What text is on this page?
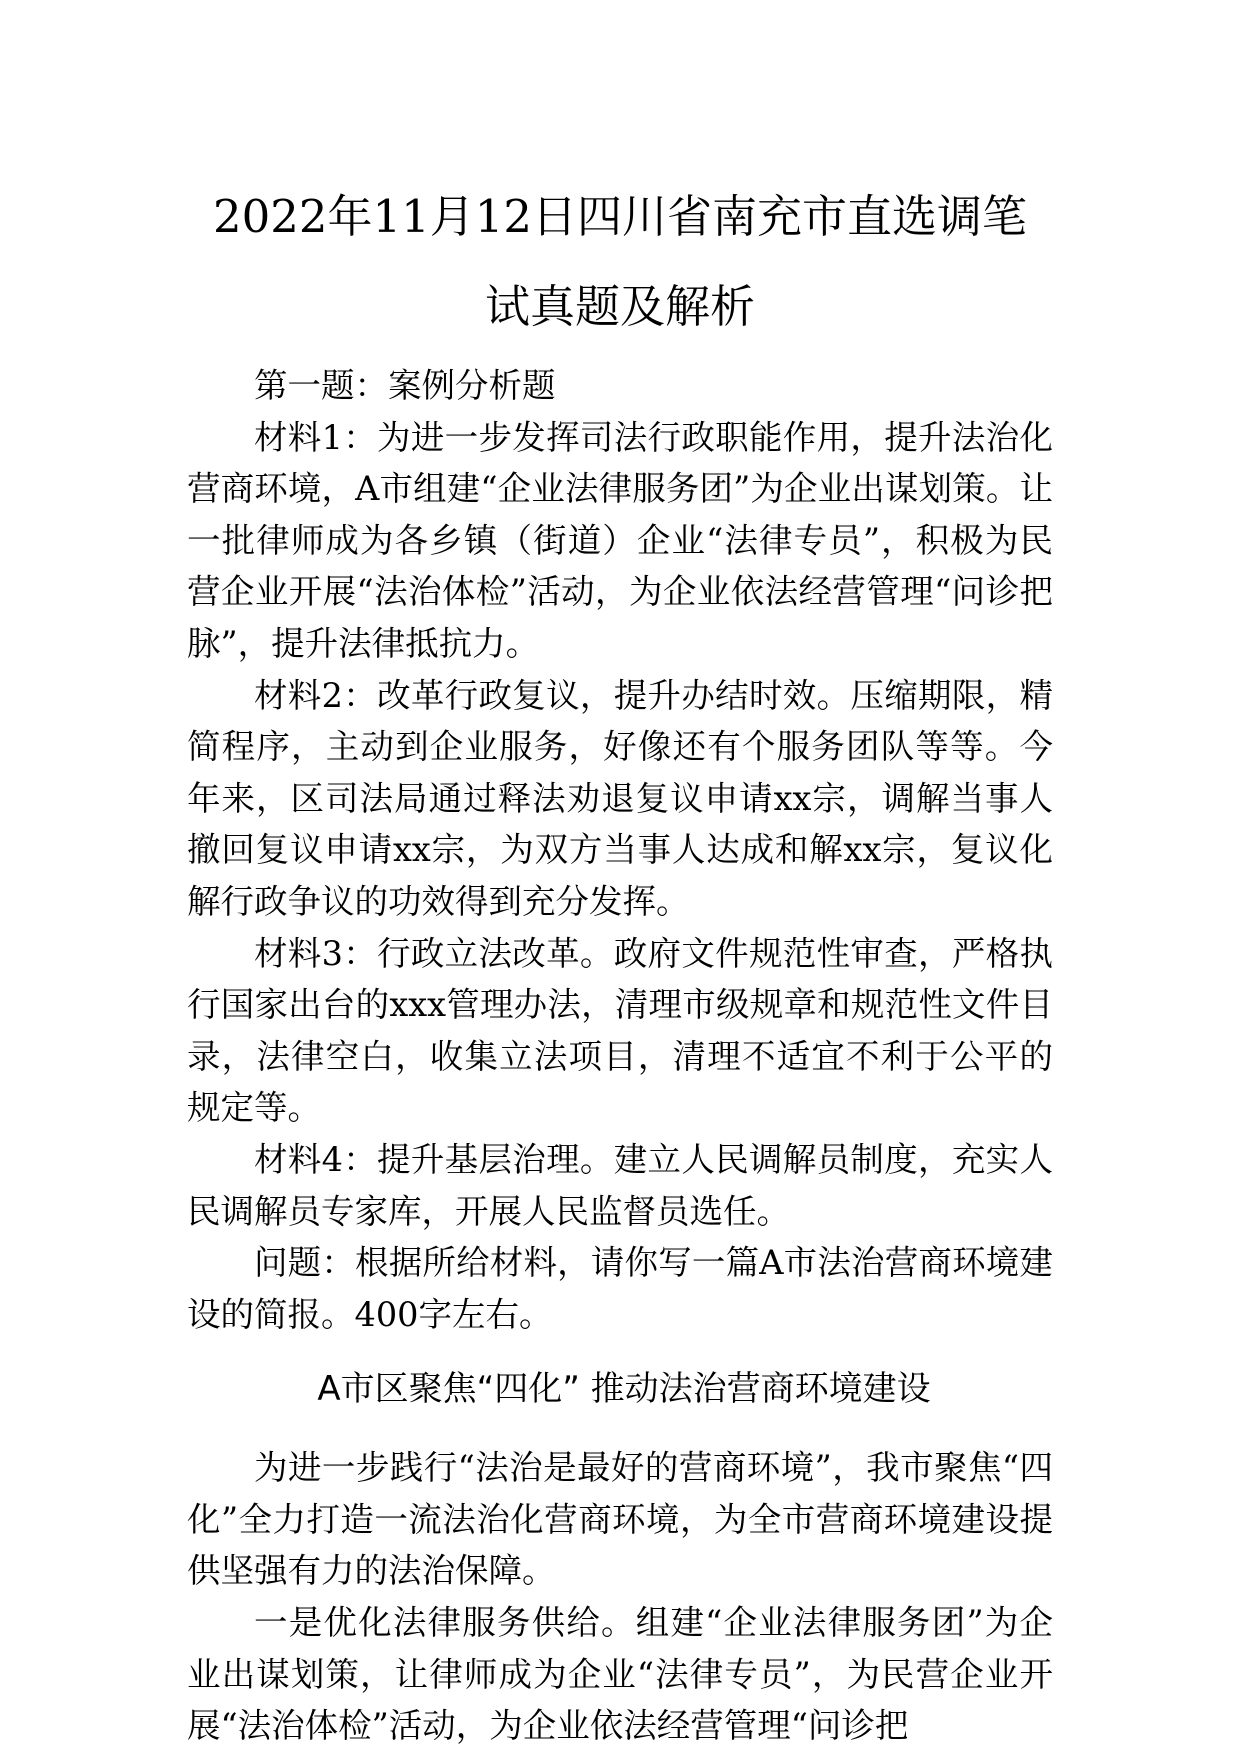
2022年11月12日四川省南充市直选调笔
试真题及解析

第一题：案例分析题

材料1：为进一步发挥司法行政职能作用，提升法治化营商环境，A市组建“企业法律服务团”为企业出谋划策。让一批律师成为各乡镇（街道）企业“法律专员”，积极为民营企业开展“法治体检”活动，为企业依法经营管理“问诊把脉”，提升法律抵抗力。

材料2：改革行政复议，提升办结时效。压缩期限，精简程序，主动到企业服务，好像还有个服务团队等等。今年来，区司法局通过释法劝退复议申请xx宗，调解当事人撤回复议申请xx宗，为双方当事人达成和解xx宗，复议化解行政争议的功效得到充分发挥。

材料3：行政立法改革。政府文件规范性审查，严格执行国家出台的xxx管理办法，清理市级规章和规范性文件目录，法律空白，收集立法项目，清理不适宜不利于公平的规定等。

材料4：提升基层治理。建立人民调解员制度，充实人民调解员专家库，开展人民监督员选任。

问题：根据所给材料，请你写一篇A市法治营商环境建设的简报。400字左右。

A市区聚焦“四化” 推动法治营商环境建设

为进一步践行“法治是最好的营商环境”，我市聚焦“四化”全力打造一流法治化营商环境，为全市营商环境建设提供坚强有力的法治保障。

一是优化法律服务供给。组建“企业法律服务团”为企业出谋划策，让律师成为企业“法律专员”，为民营企业开展“法治体检”活动，为企业依法经营管理“问诊把
